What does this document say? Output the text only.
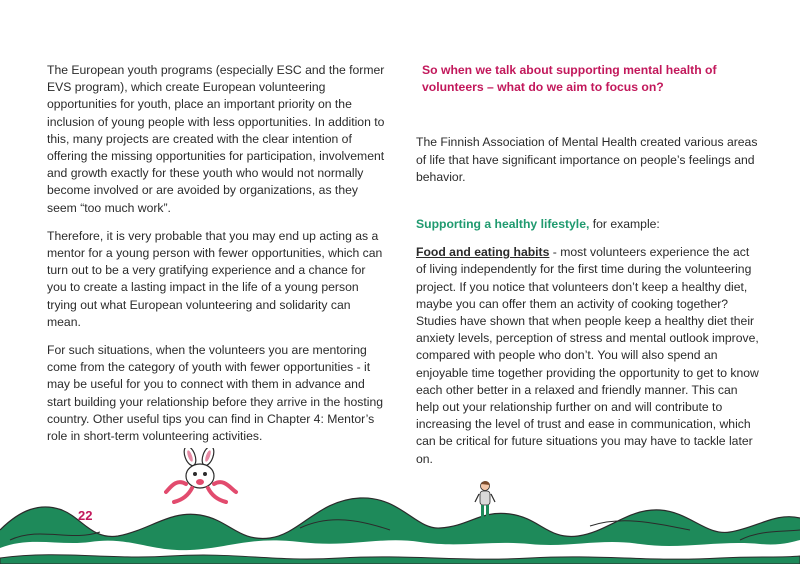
The European youth programs (especially ESC and the former EVS program), which create European volunteering opportunities for youth, place an important priority on the inclusion of young people with less opportunities. In addition to this, many projects are created with the clear intention of offering the missing opportunities for participation, involvement and growth exactly for these youth who would not normally become involved or are avoided by organizations, as they seem “too much work”.

Therefore, it is very probable that you may end up acting as a mentor for a young person with fewer opportunities, which can turn out to be a very gratifying experience and a chance for you to create a lasting impact in the life of a young person trying out what European volunteering and solidarity can mean.

For such situations, when the volunteers you are mentoring come from the category of youth with fewer opportunities - it may be useful for you to connect with them in advance and start building your relationship before they arrive in the hosting country. Other useful tips you can find in Chapter 4: Mentor’s role in short-term volunteering activities.

So when we talk about supporting mental health of volunteers – what do we aim to focus on?

The Finnish Association of Mental Health created various areas of life that have significant importance on people’s feelings and behavior.

Supporting a healthy lifestyle, for example:

Food and eating habits - most volunteers experience the act of living independently for the first time during the volunteering project. If you notice that volunteers don’t keep a healthy diet, maybe you can offer them an activity of cooking together? Studies have shown that when people keep a healthy diet their anxiety levels, perception of stress and mental outlook improve, compared with people who don’t. You will also spend an enjoyable time together providing the opportunity to get to know each other better in a relaxed and friendly manner. This can help out your relationship further on and will contribute to increasing the level of trust and ease in communication, which can be critical for future situations you may have to tackle later on.

22
